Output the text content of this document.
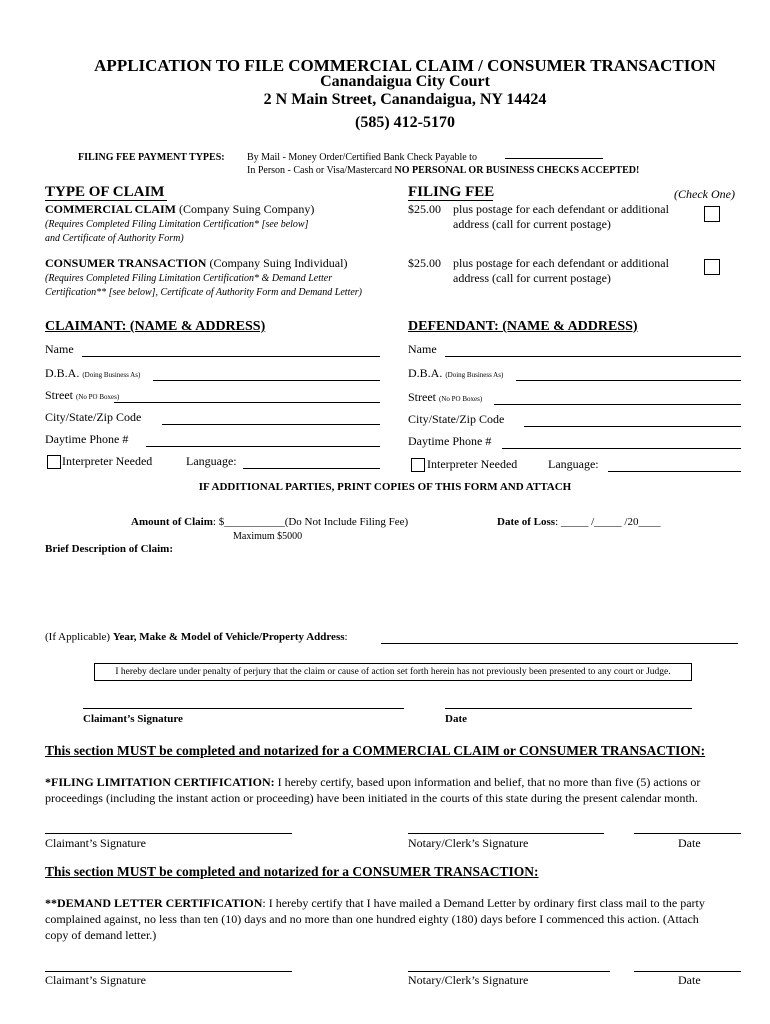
APPLICATION TO FILE COMMERCIAL CLAIM / CONSUMER TRANSACTION
Canandaigua City Court
2 N Main Street, Canandaigua, NY 14424
(585) 412-5170
FILING FEE PAYMENT TYPES: By Mail - Money Order/Certified Bank Check Payable to
In Person - Cash or Visa/Mastercard NO PERSONAL OR BUSINESS CHECKS ACCEPTED!
TYPE OF CLAIM	FILING FEE	(Check One)
COMMERCIAL CLAIM (Company Suing Company)
(Requires Completed Filing Limitation Certification* [see below]
and Certificate of Authority Form)
$25.00 plus postage for each defendant or additional
address (call for current postage)
CONSUMER TRANSACTION (Company Suing Individual)
(Requires Completed Filing Limitation Certification* & Demand Letter
Certification** [see below], Certificate of Authority Form and Demand Letter)
$25.00 plus postage for each defendant or additional
address (call for current postage)
CLAIMANT: (NAME & ADDRESS)	DEFENDANT: (NAME & ADDRESS)
Name
D.B.A. (Doing Business As)
Street (No PO Boxes)
City/State/Zip Code
Daytime Phone #
Interpreter Needed	Language:
Name
D.B.A. (Doing Business As)
Street (No PO Boxes)
City/State/Zip Code
Daytime Phone #
Interpreter Needed	Language:
IF ADDITIONAL PARTIES, PRINT COPIES OF THIS FORM AND ATTACH
Amount of Claim: $___________(Do Not Include Filing Fee)
Maximum $5000
Date of Loss: _____ /_____ /20____
Brief Description of Claim:
(If Applicable) Year, Make & Model of Vehicle/Property Address:
I hereby declare under penalty of perjury that the claim or cause of action set forth herein has not previously been presented to any court or Judge.
Claimant’s Signature	Date
This section MUST be completed and notarized for a COMMERCIAL CLAIM or CONSUMER TRANSACTION:
*FILING LIMITATION CERTIFICATION: I hereby certify, based upon information and belief, that no more than five (5) actions or
proceedings (including the instant action or proceeding) have been initiated in the courts of this state during the present calendar month.
Claimant’s Signature	Notary/Clerk’s Signature	Date
This section MUST be completed and notarized for a CONSUMER TRANSACTION:
**DEMAND LETTER CERTIFICATION: I hereby certify that I have mailed a Demand Letter by ordinary first class mail to the party
complained against, no less than ten (10) days and no more than one hundred eighty (180) days before I commenced this action. (Attach
copy of demand letter.)
Claimant’s Signature	Notary/Clerk’s Signature	Date
